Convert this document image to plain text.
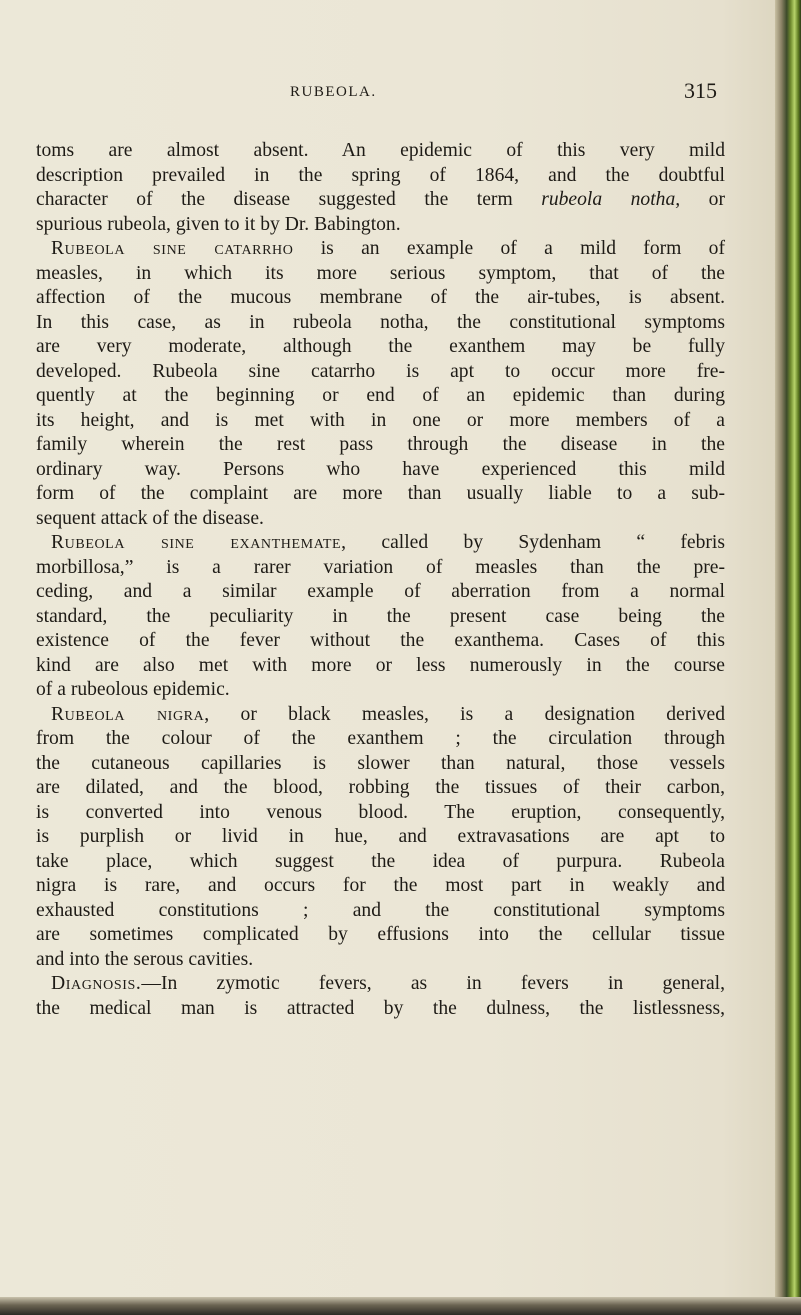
RUBEOLA.	315
toms are almost absent. An epidemic of this very mild
description prevailed in the spring of 1864, and the doubtful
character of the disease suggested the term rubeola notha, or
spurious rubeola, given to it by Dr. Babington.
Rubeola sine catarrho is an example of a mild form of
measles, in which its more serious symptom, that of the
affection of the mucous membrane of the air-tubes, is absent.
In this case, as in rubeola notha, the constitutional symptoms
are very moderate, although the exanthem may be fully
developed. Rubeola sine catarrho is apt to occur more fre-
quently at the beginning or end of an epidemic than during
its height, and is met with in one or more members of a
family wherein the rest pass through the disease in the
ordinary way. Persons who have experienced this mild
form of the complaint are more than usually liable to a sub-
sequent attack of the disease.
Rubeola sine exanthemate, called by Sydenham “ febris
morbillosa,” is a rarer variation of measles than the pre-
ceding, and a similar example of aberration from a normal
standard, the peculiarity in the present case being the
existence of the fever without the exanthema. Cases of this
kind are also met with more or less numerously in the course
of a rubeolous epidemic.
Rubeola nigra, or black measles, is a designation derived
from the colour of the exanthem ; the circulation through
the cutaneous capillaries is slower than natural, those vessels
are dilated, and the blood, robbing the tissues of their carbon,
is converted into venous blood. The eruption, consequently,
is purplish or livid in hue, and extravasations are apt to
take place, which suggest the idea of purpura. Rubeola
nigra is rare, and occurs for the most part in weakly and
exhausted constitutions ; and the constitutional symptoms
are sometimes complicated by effusions into the cellular tissue
and into the serous cavities.
Diagnosis.—In zymotic fevers, as in fevers in general,
the medical man is attracted by the dulness, the listlessness,
